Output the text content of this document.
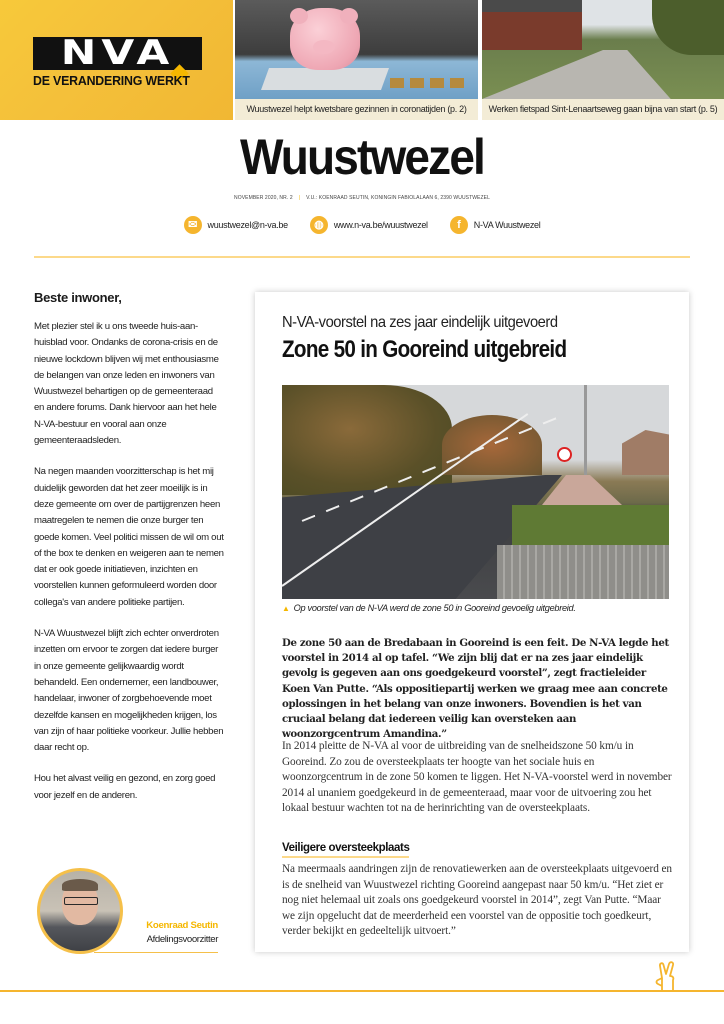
NVA
DE VERANDERING WERKT
Wuustwezel helpt kwetsbare gezinnen in coronatijden (p. 2)	Werken fietspad Sint-Lenaartseweg gaan bijna van start (p. 5)
Wuustwezel
NOVEMBER 2020, NR. 2 | V.U.: KOENRAAD SEUTIN, KONINGIN FABIOLALAAN 6, 2390 WUUSTWEZEL
✉	wuustwezel@n-va.be	◍	www.n-va.be/wuustwezel	f	N-VA Wuustwezel
Beste inwoner,

Met plezier stel ik u ons tweede huis-aan-huisblad voor. Ondanks de corona-crisis en de nieuwe lockdown blijven wij met enthousiasme de belangen van onze leden en inwoners van Wuustwezel behartigen op de gemeenteraad en andere forums. Dank hiervoor aan het hele N-VA-bestuur en vooral aan onze gemeenteraadsleden.

Na negen maanden voorzitterschap is het mij duidelijk geworden dat het zeer moeilijk is in deze gemeente om over de partijgrenzen heen maatregelen te nemen die onze burger ten goede komen. Veel politici missen de wil om out of the box te denken en weigeren aan te nemen dat er ook goede initiatieven, inzichten en voorstellen kunnen geformuleerd worden door collega's van andere politieke partijen.

N-VA Wuustwezel blijft zich echter onverdroten inzetten om ervoor te zorgen dat iedere burger in onze gemeente gelijkwaardig wordt behandeld. Een ondernemer, een landbouwer, handelaar, inwoner of zorgbehoevende moet dezelfde kansen en mogelijkheden krijgen, los van zijn of haar politieke voorkeur. Jullie hebben daar recht op.

Hou het alvast veilig en gezond, en zorg goed voor jezelf en de anderen.

Koenraad Seutin
Afdelingsvoorzitter
N-VA-voorstel na zes jaar eindelijk uitgevoerd
Zone 50 in Gooreind uitgebreid
▲ Op voorstel van de N-VA werd de zone 50 in Gooreind gevoelig uitgebreid.

De zone 50 aan de Bredabaan in Gooreind is een feit. De N-VA legde het voorstel in 2014 al op tafel. “We zijn blij dat er na zes jaar eindelijk gevolg is gegeven aan ons goedgekeurd voorstel”, zegt fractieleider Koen Van Putte. “Als oppositiepartij werken we graag mee aan concrete oplossingen in het belang van onze inwoners. Bovendien is het van cruciaal belang dat iedereen veilig kan oversteken aan woonzorgcentrum Amandina.”

In 2014 pleitte de N-VA al voor de uitbreiding van de snelheidszone 50 km/u in Gooreind. Zo zou de oversteekplaats ter hoogte van het sociale huis en woonzorgcentrum in de zone 50 komen te liggen. Het N-VA-voorstel werd in november 2014 al unaniem goedgekeurd in de gemeenteraad, maar voor de uitvoering zou het lokaal bestuur wachten tot na de herinrichting van de oversteekplaats.

Veiligere oversteekplaats

Na meermaals aandringen zijn de renovatiewerken aan de oversteekplaats uitgevoerd en is de snelheid van Wuustwezel richting Gooreind aangepast naar 50 km/u. “Het ziet er nog niet helemaal uit zoals ons goedgekeurd voorstel in 2014”, zegt Van Putte. “Maar we zijn opgelucht dat de meerderheid een voorstel van de oppositie toch goedkeurt, verder bekijkt en gedeeltelijk uitvoert.”
